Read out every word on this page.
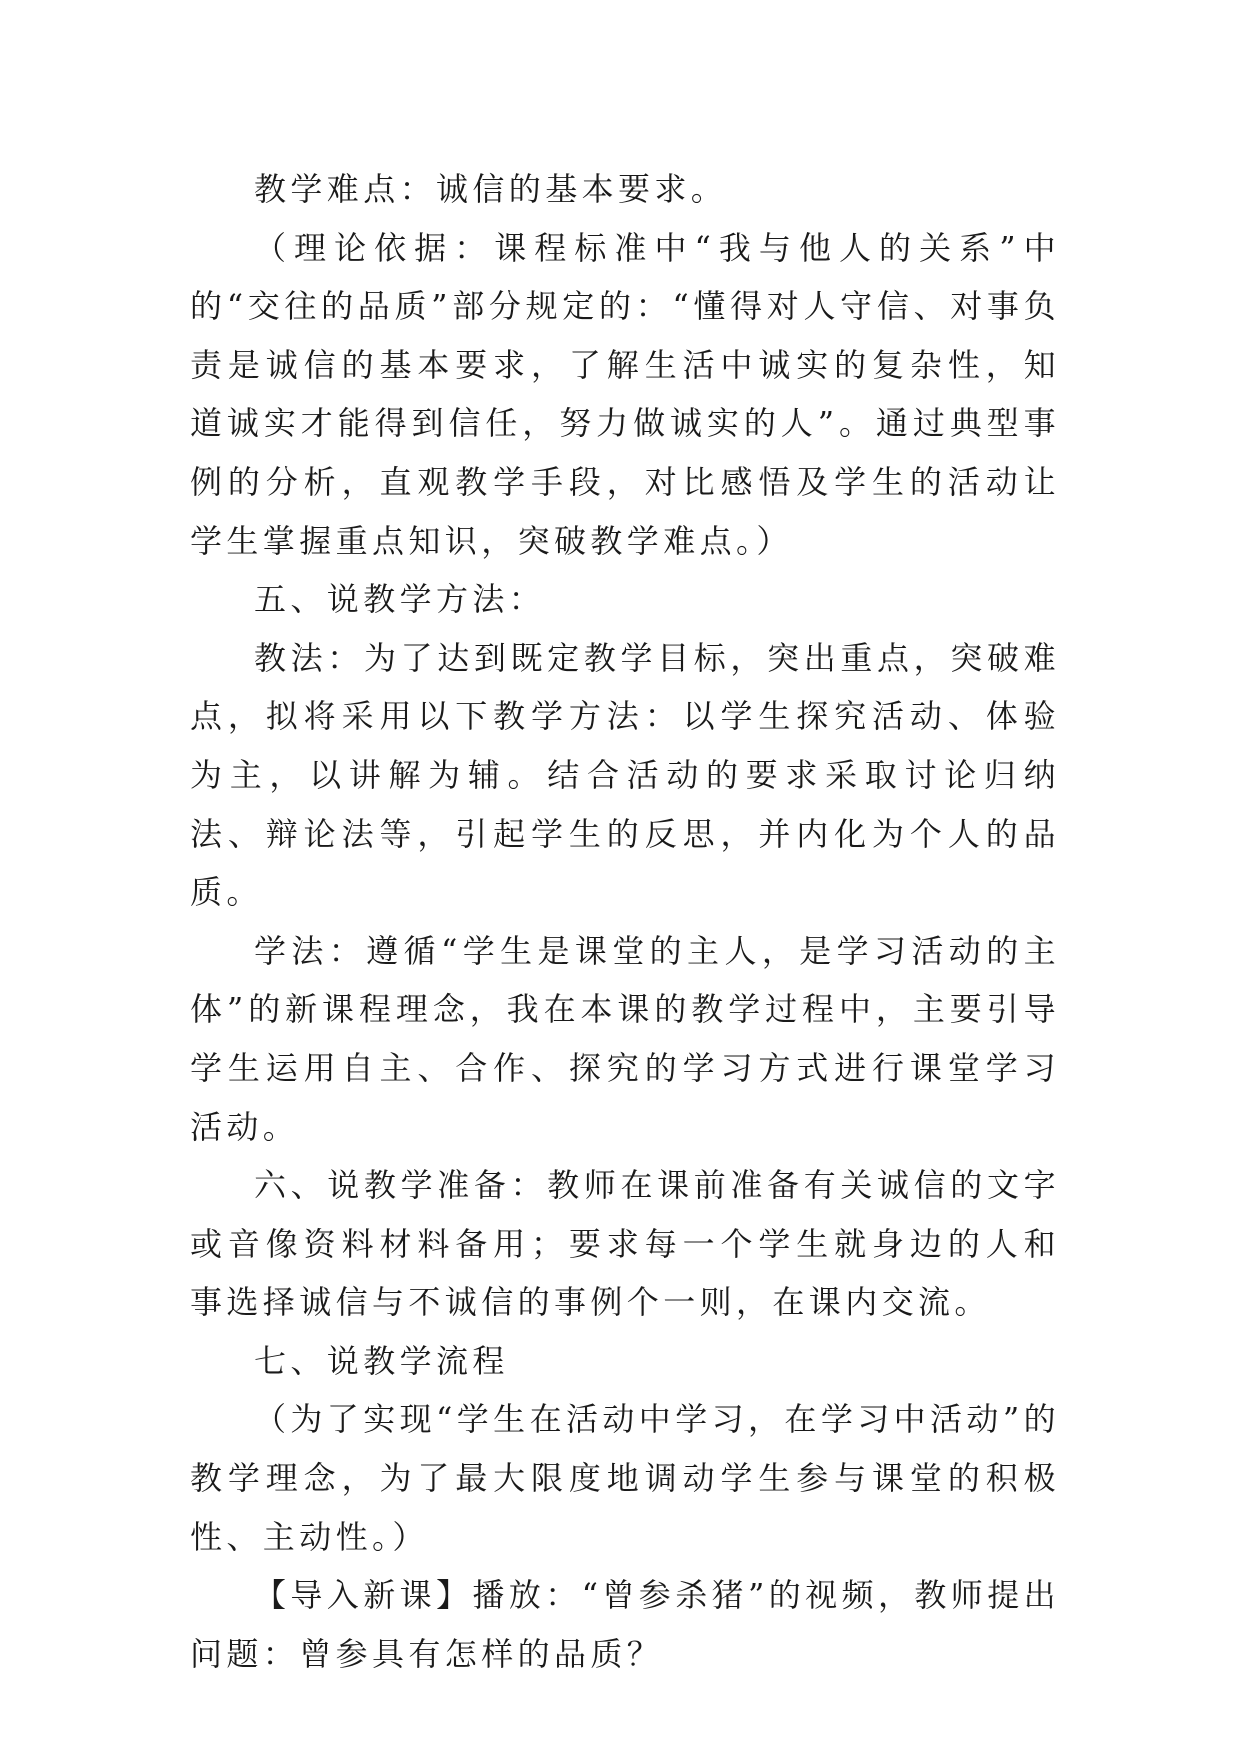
教学难点：诚信的基本要求。

（理论依据：课程标准中“我与他人的关系”中的“交往的品质”部分规定的：“懂得对人守信、对事负责是诚信的基本要求，了解生活中诚实的复杂性，知道诚实才能得到信任，努力做诚实的人”。通过典型事例的分析，直观教学手段，对比感悟及学生的活动让学生掌握重点知识，突破教学难点。）

五、说教学方法：

教法：为了达到既定教学目标，突出重点，突破难点，拟将采用以下教学方法：以学生探究活动、体验为主，以讲解为辅。结合活动的要求采取讨论归纳法、辩论法等，引起学生的反思，并内化为个人的品质。

学法：遵循“学生是课堂的主人，是学习活动的主体”的新课程理念，我在本课的教学过程中，主要引导学生运用自主、合作、探究的学习方式进行课堂学习活动。

六、说教学准备：教师在课前准备有关诚信的文字或音像资料材料备用；要求每一个学生就身边的人和事选择诚信与不诚信的事例个一则，在课内交流。

七、说教学流程

（为了实现“学生在活动中学习，在学习中活动”的教学理念，为了最大限度地调动学生参与课堂的积极性、主动性。）

【导入新课】播放：“曾参杀猪”的视频，教师提出问题：曾参具有怎样的品质？
